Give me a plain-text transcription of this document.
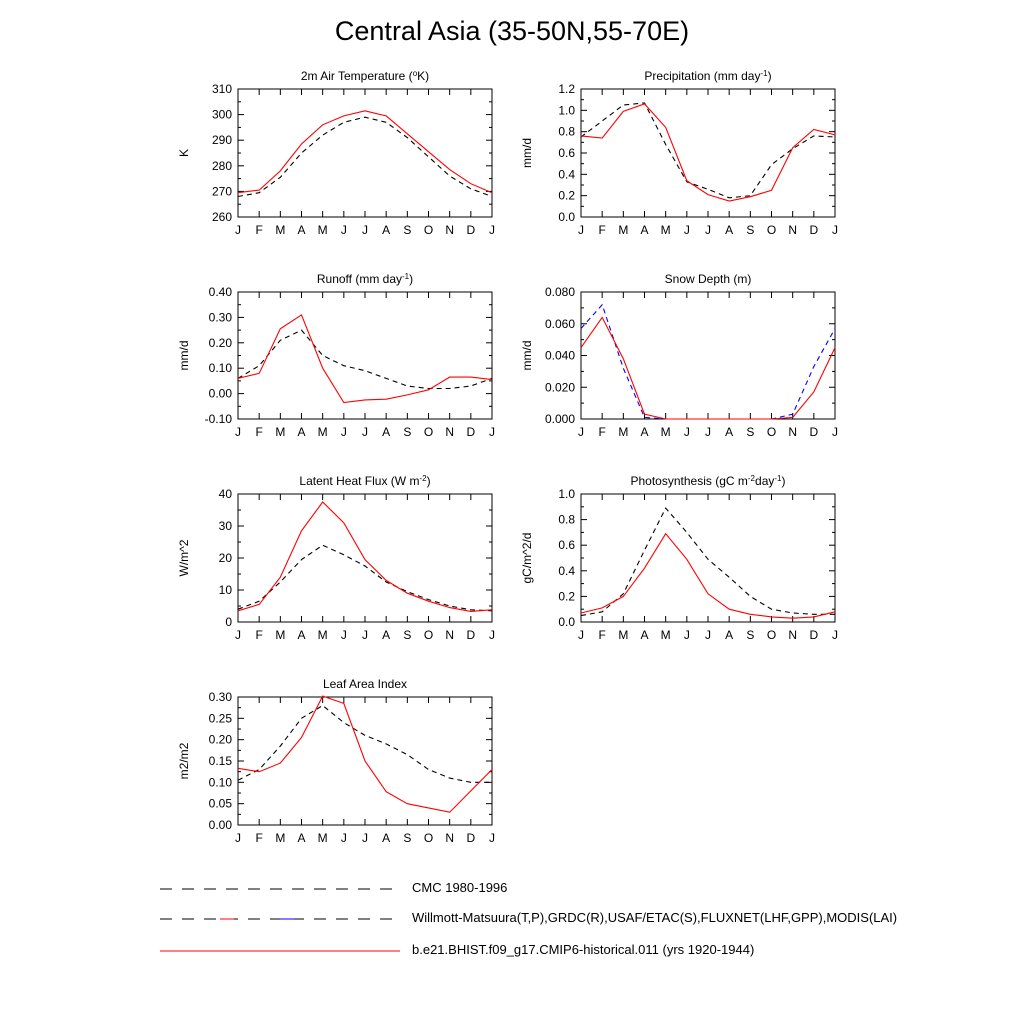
Central Asia (35-50N,55-70E)
J F M A M J J A S O N D J
260
270
280
290
300
310
K
2m Air Temperature ($^o$K)
J F M A M J J A S O N D J
0.0
0.2
0.4
0.6
0.8
1.0
1.2
mm/d
Precipitation (mm day$^{-1}$)
J F M A M J J A S O N D J
-0.10
0.00
0.10
0.20
0.30
0.40
mm/d
Runoff (mm day$^{-1}$)
J F M A M J J A S O N D J
0.000
0.020
0.040
0.060
0.080
mm/d
Snow Depth (m)
J F M A M J J A S O N D J
0
10
20
30
40
W/m^2
Latent Heat Flux (W $m^{-2}$)
J F M A M J J A S O N D J
0.0
0.2
0.4
0.6
0.8
1.0
gC/m^2/d
Photosynthesis (gC $m^{-2}day^{-1}$)
J F M A M J J A S O N D J
0.00
0.05
0.10
0.15
0.20
0.25
0.30
m2/m2
Leaf Area Index
CMC 1980-1996
Willmott-Matsuura(T,P),GRDC(R),USAF/ETAC(S),FLUXNET(LHF,GPP),MODIS(LAI)
b.e21.BHIST.f09_g17.CMIP6-historical.011 (yrs 1920-1944)
